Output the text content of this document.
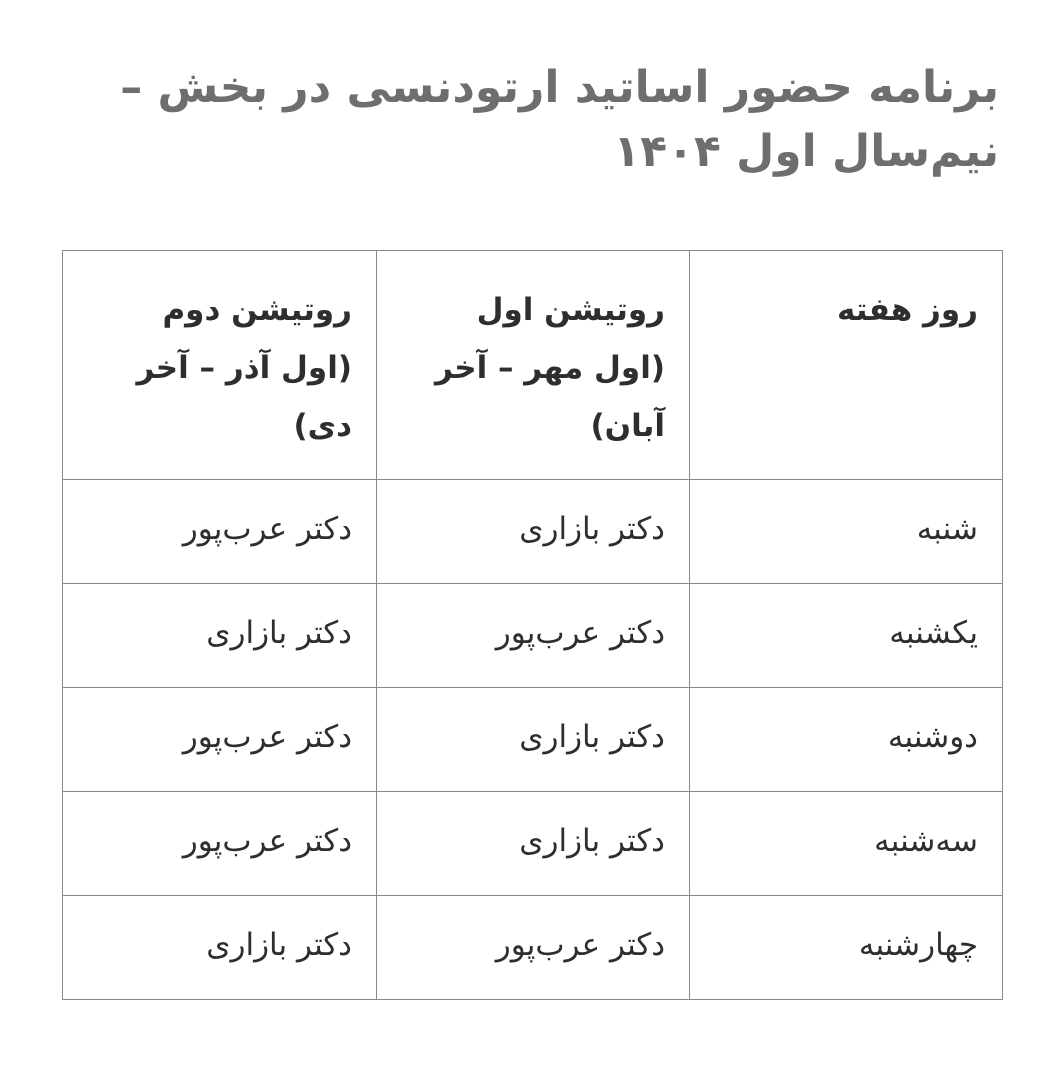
برنامه حضور اساتید ارتودنسی در بخش – نیم‌سال اول ۱۴۰۴
روز هفته	روتیشن اول (اول مهر – آخر آبان)	روتیشن دوم (اول آذر – آخر دی)
شنبه	دکتر بازاری	دکتر عرب‌پور
یکشنبه	دکتر عرب‌پور	دکتر بازاری
دوشنبه	دکتر بازاری	دکتر عرب‌پور
سه‌شنبه	دکتر بازاری	دکتر عرب‌پور
چهارشنبه	دکتر عرب‌پور	دکتر بازاری
